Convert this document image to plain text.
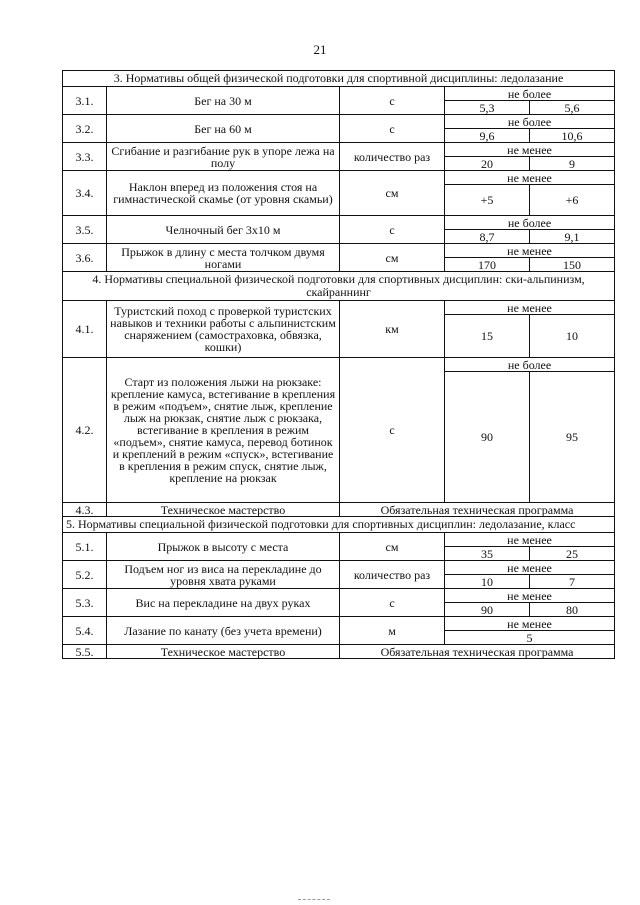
21
3. Нормативы общей физической подготовки для спортивной дисциплины: ледолазание				
3.1.	Бег на 30 м	с	не более	
			5,3	5,6
3.2.	Бег на 60 м	с	не более	
			9,6	10,6
3.3.	Сгибание и разгибание рук в упоре лежа на полу	количество раз	не менее	
			20	9
3.4.	Наклон вперед из положения стоя на гимнастической скамье (от уровня скамьи)	см	не менее	
			+5	+6
3.5.	Челночный бег 3х10 м	с	не более	
			8,7	9,1
3.6.	Прыжок в длину с места толчком двумя ногами	см	не менее	
			170	150
4. Нормативы специальной физической подготовки для спортивных дисциплин: ски-альпинизм, скайраннинг				
4.1.	Туристский поход с проверкой туристских навыков и техники работы с альпинистским снаряжением (самостраховка, обвязка, кошки)	км	не менее	
			15	10
4.2.	Старт из положения лыжи на рюкзаке: крепление камуса, встегивание в крепления в режим «подъем», снятие лыж, крепление лыж на рюкзак, снятие лыж с рюкзака, встегивание в крепления в режим «подъем», снятие камуса, перевод ботинок и креплений в режим «спуск», встегивание в крепления в режим спуск, снятие лыж, крепление на рюкзак	с	не более	
			90	95
4.3.	Техническое мастерство	Обязательная техническая программа		
5. Нормативы специальной физической подготовки для спортивных дисциплин: ледолазание, класс				
5.1.	Прыжок в высоту с места	см	не менее	
			35	25
5.2.	Подъем ног из виса на перекладине до уровня хвата руками	количество раз	не менее	
			10	7
5.3.	Вис на перекладине на двух руках	с	не менее	
			90	80
5.4.	Лазание по канату (без учета времени)	м	не менее	
			5	
5.5.	Техническое мастерство	Обязательная техническая программа		
